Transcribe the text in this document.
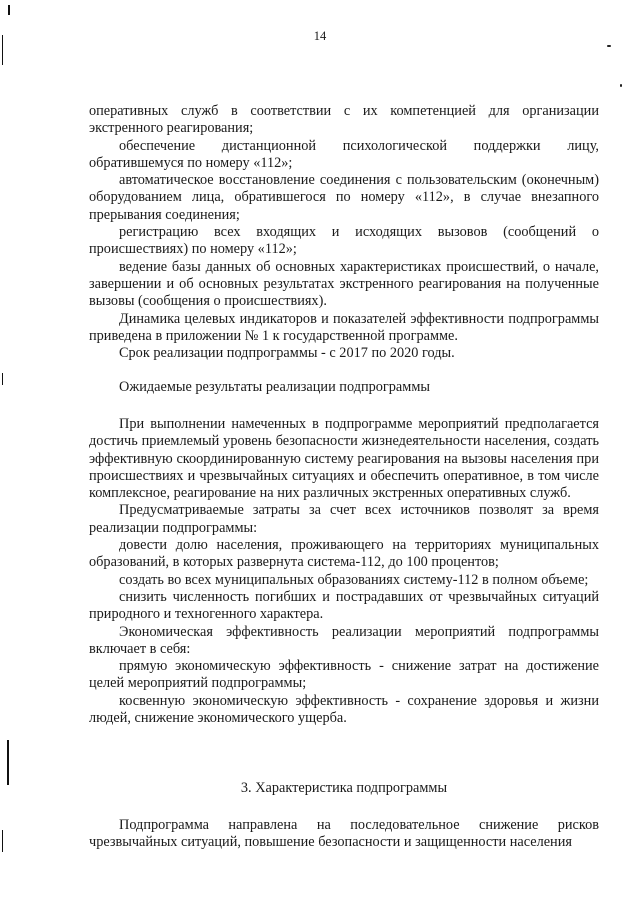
14

оперативных служб в соответствии с их компетенцией для организации экстренного реагирования;

обеспечение дистанционной психологической поддержки лицу, обратившемуся по номеру «112»;

автоматическое восстановление соединения с пользовательским (оконечным) оборудованием лица, обратившегося по номеру «112», в случае внезапного прерывания соединения;

регистрацию всех входящих и исходящих вызовов (сообщений о происшествиях) по номеру «112»;

ведение базы данных об основных характеристиках происшествий, о начале, завершении и об основных результатах экстренного реагирования на полученные вызовы (сообщения о происшествиях).

Динамика целевых индикаторов и показателей эффективности подпрограммы приведена в приложении № 1 к государственной программе.

Срок реализации подпрограммы - с 2017 по 2020 годы.

Ожидаемые результаты реализации подпрограммы

При выполнении намеченных в подпрограмме мероприятий предполагается достичь приемлемый уровень безопасности жизнедеятельности населения, создать эффективную скоординированную систему реагирования на вызовы населения при происшествиях и чрезвычайных ситуациях и обеспечить оперативное, в том числе комплексное, реагирование на них различных экстренных оперативных служб.

Предусматриваемые затраты за счет всех источников позволят за время реализации подпрограммы:

довести долю населения, проживающего на территориях муниципальных образований, в которых развернута система-112, до 100 процентов;

создать во всех муниципальных образованиях систему-112 в полном объеме;

снизить численность погибших и пострадавших от чрезвычайных ситуаций природного и техногенного характера.

Экономическая эффективность реализации мероприятий подпрограммы включает в себя:

прямую экономическую эффективность - снижение затрат на достижение целей мероприятий подпрограммы;

косвенную экономическую эффективность - сохранение здоровья и жизни людей, снижение экономического ущерба.

3. Характеристика подпрограммы

Подпрограмма направлена на последовательное снижение рисков чрезвычайных ситуаций, повышение безопасности и защищенности населения
